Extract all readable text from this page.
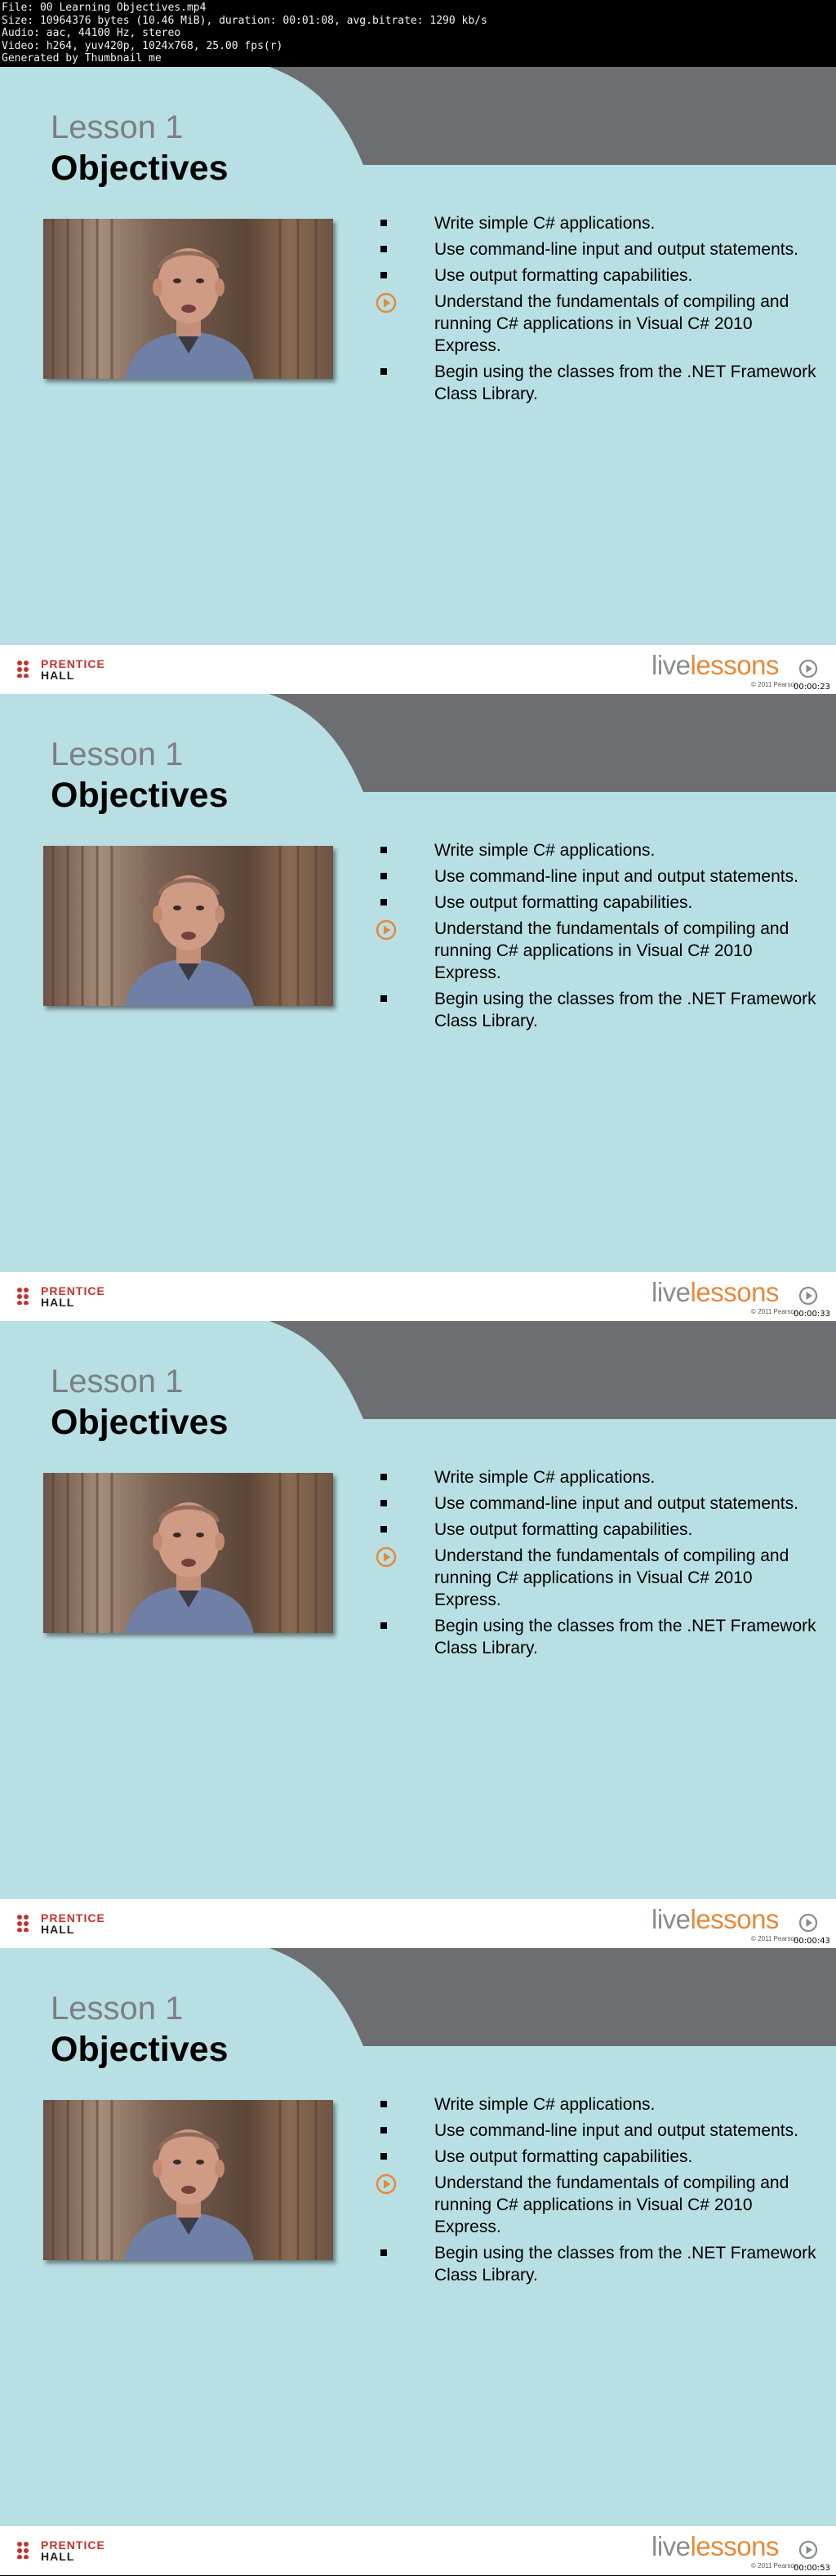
File: 00 Learning Objectives.mp4
Size: 10964376 bytes (10.46 MiB), duration: 00:01:08, avg.bitrate: 1290 kb/s
Audio: aac, 44100 Hz, stereo
Video: h264, yuv420p, 1024x768, 25.00 fps(r)
Generated by Thumbnail me
Lesson 1
Objectives
Write simple C# applications.
Use command-line input and output statements.
Use output formatting capabilities.
Understand the fundamentals of compiling and running C# applications in Visual C# 2010 Express.
Begin using the classes from the .NET Framework Class Library.
PRENTICE
HALL	livelessons
© 2011 Pearson
00:00:23
Lesson 1
Objectives
Write simple C# applications.
Use command-line input and output statements.
Use output formatting capabilities.
Understand the fundamentals of compiling and running C# applications in Visual C# 2010 Express.
Begin using the classes from the .NET Framework Class Library.
PRENTICE
HALL	livelessons
© 2011 Pearson
00:00:33
Lesson 1
Objectives
Write simple C# applications.
Use command-line input and output statements.
Use output formatting capabilities.
Understand the fundamentals of compiling and running C# applications in Visual C# 2010 Express.
Begin using the classes from the .NET Framework Class Library.
PRENTICE
HALL	livelessons
© 2011 Pearson
00:00:43
Lesson 1
Objectives
Write simple C# applications.
Use command-line input and output statements.
Use output formatting capabilities.
Understand the fundamentals of compiling and running C# applications in Visual C# 2010 Express.
Begin using the classes from the .NET Framework Class Library.
PRENTICE
HALL	livelessons
© 2011 Pearson
00:00:53
